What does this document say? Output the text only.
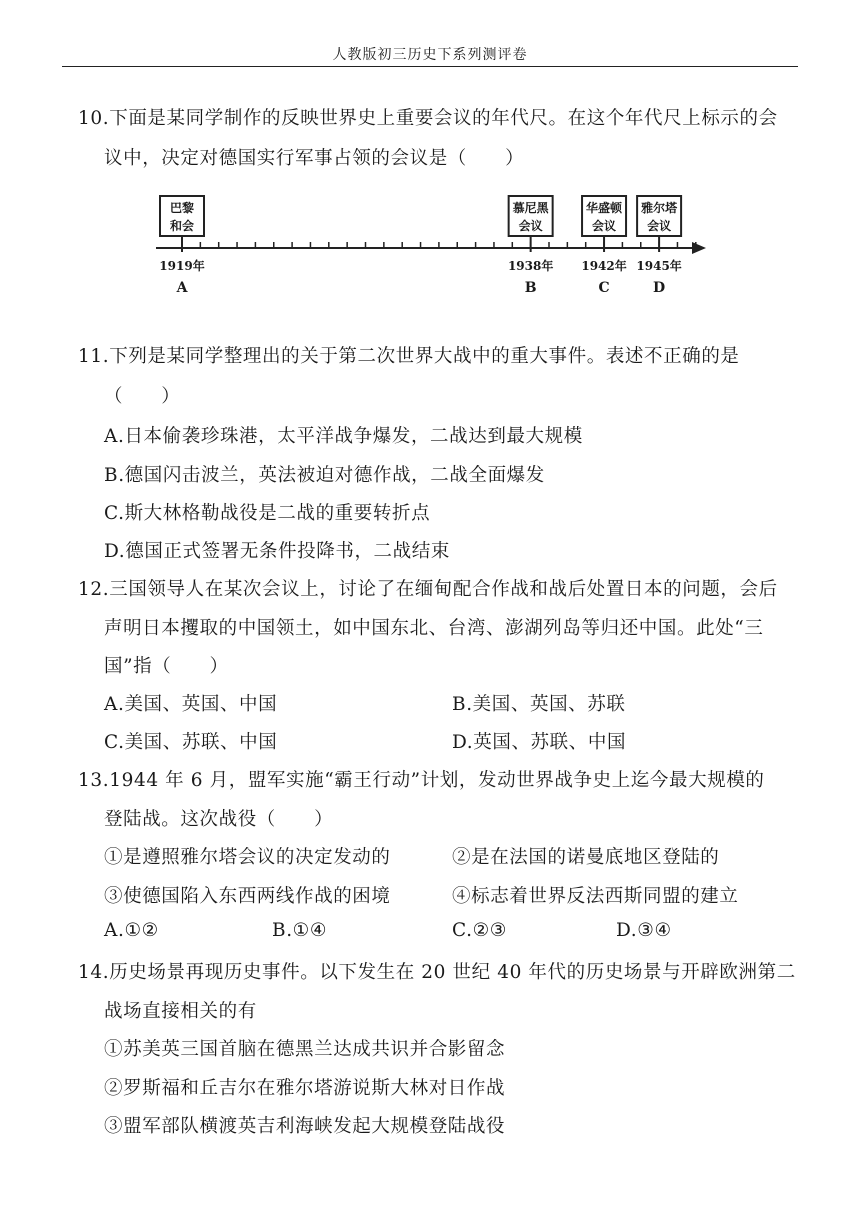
人教版初三历史下系列测评卷
10.下面是某同学制作的反映世界史上重要会议的年代尺。在这个年代尺上标示的会
议中，决定对德国实行军事占领的会议是（　　）
巴黎
和会
1919年
A
慕尼黑
会议
1938年
B
华盛顿
会议
1942年
C
雅尔塔
会议
1945年
D
11.下列是某同学整理出的关于第二次世界大战中的重大事件。表述不正确的是
（　　）
A.日本偷袭珍珠港，太平洋战争爆发，二战达到最大规模
B.德国闪击波兰，英法被迫对德作战，二战全面爆发
C.斯大林格勒战役是二战的重要转折点
D.德国正式签署无条件投降书，二战结束
12.三国领导人在某次会议上，讨论了在缅甸配合作战和战后处置日本的问题，会后
声明日本攫取的中国领土，如中国东北、台湾、澎湖列岛等归还中国。此处“三
国”指（　　）
A.美国、英国、中国	B.美国、英国、苏联
C.美国、苏联、中国	D.英国、苏联、中国
13.1944 年 6 月，盟军实施“霸王行动”计划，发动世界战争史上迄今最大规模的
登陆战。这次战役（　　）
①是遵照雅尔塔会议的决定发动的	②是在法国的诺曼底地区登陆的
③使德国陷入东西两线作战的困境	④标志着世界反法西斯同盟的建立
A.①②	B.①④	C.②③	D.③④
14.历史场景再现历史事件。以下发生在 20 世纪 40 年代的历史场景与开辟欧洲第二
战场直接相关的有
①苏美英三国首脑在德黑兰达成共识并合影留念
②罗斯福和丘吉尔在雅尔塔游说斯大林对日作战
③盟军部队横渡英吉利海峡发起大规模登陆战役
